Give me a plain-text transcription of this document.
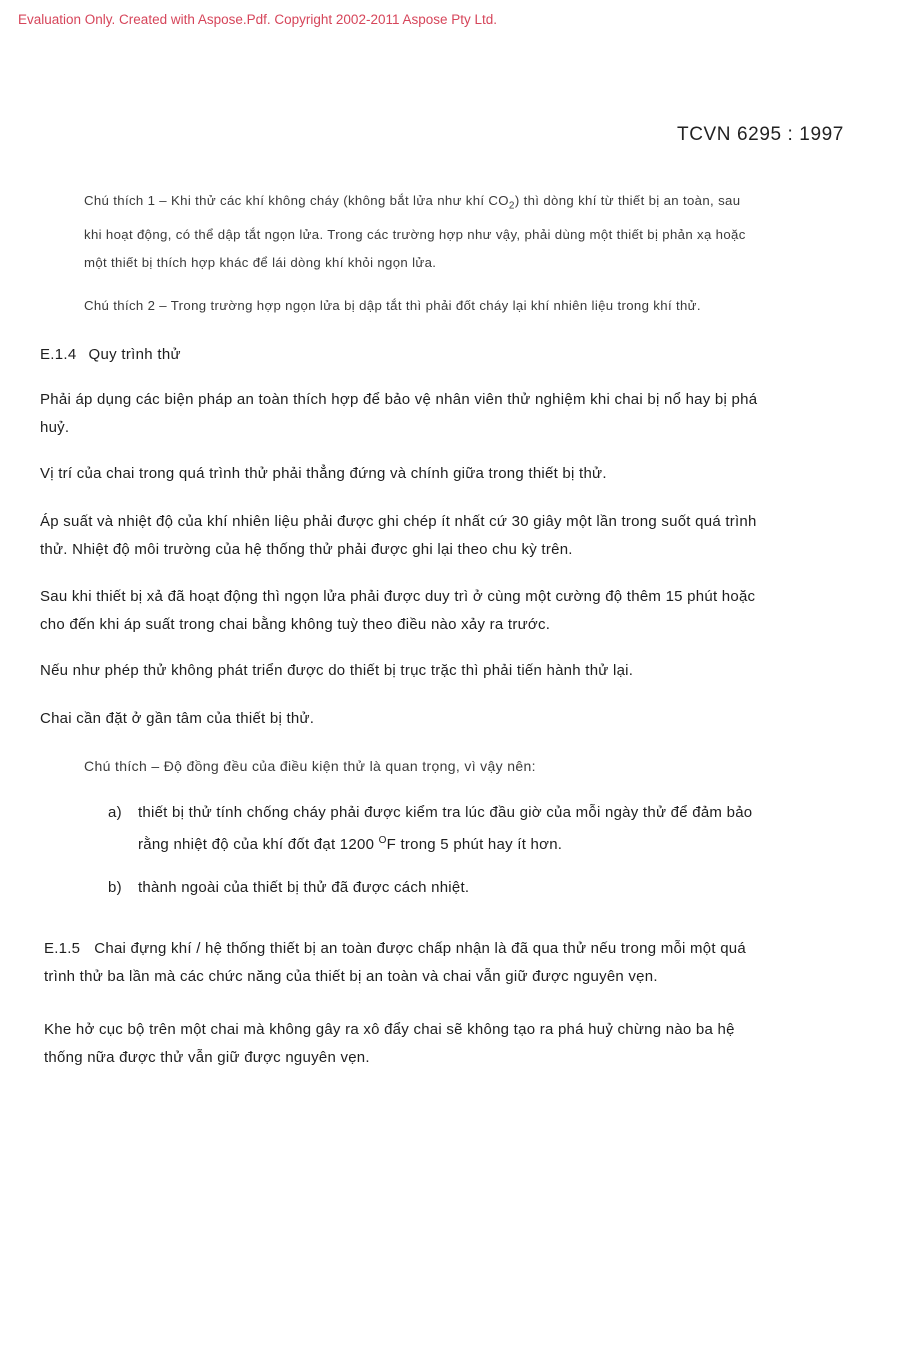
Evaluation Only. Created with Aspose.Pdf. Copyright 2002-2011 Aspose Pty Ltd.
TCVN 6295 : 1997
Chú thích 1 – Khi thử các khí không cháy (không bắt lửa như khí $CO_2$) thì dòng khí từ thiết bị an toàn, sau
khi hoạt động, có thể dập tắt ngọn lửa. Trong các trường hợp như vậy, phải dùng một thiết bị phản xạ hoặc
một thiết bị thích hợp khác để lái dòng khí khỏi ngọn lửa.
Chú thích 2 – Trong trường hợp ngọn lửa bị dập tắt thì phải đốt cháy lại khí nhiên liệu trong khí thử.
E.1.4 Quy trình thử
Phải áp dụng các biện pháp an toàn thích hợp để bảo vệ nhân viên thử nghiệm khi chai bị nổ hay bị phá
huỷ.
Vị trí của chai trong quá trình thử phải thẳng đứng và chính giữa trong thiết bị thử.
Áp suất và nhiệt độ của khí nhiên liệu phải được ghi chép ít nhất cứ 30 giây một lần trong suốt quá trình
thử. Nhiệt độ môi trường của hệ thống thử phải được ghi lại theo chu kỳ trên.
Sau khi thiết bị xả đã hoạt động thì ngọn lửa phải được duy trì ở cùng một cường độ thêm 15 phút hoặc
cho đến khi áp suất trong chai bằng không tuỳ theo điều nào xảy ra trước.
Nếu như phép thử không phát triển được do thiết bị trục trặc thì phải tiến hành thử lại.
Chai cần đặt ở gần tâm của thiết bị thử.
Chú thích – Độ đồng đều của điều kiện thử là quan trọng, vì vậy nên:
a) thiết bị thử tính chống cháy phải được kiểm tra lúc đầu giờ của mỗi ngày thử để đảm bảo
rằng nhiệt độ của khí đốt đạt 1200 $^O$F trong 5 phút hay ít hơn.
b) thành ngoài của thiết bị thử đã được cách nhiệt.
E.1.5 Chai đựng khí / hệ thống thiết bị an toàn được chấp nhận là đã qua thử nếu trong mỗi một quá
trình thử ba lần mà các chức năng của thiết bị an toàn và chai vẫn giữ được nguyên vẹn.
Khe hở cục bộ trên một chai mà không gây ra xô đẩy chai sẽ không tạo ra phá huỷ chừng nào ba hệ
thống nữa được thử vẫn giữ được nguyên vẹn.
